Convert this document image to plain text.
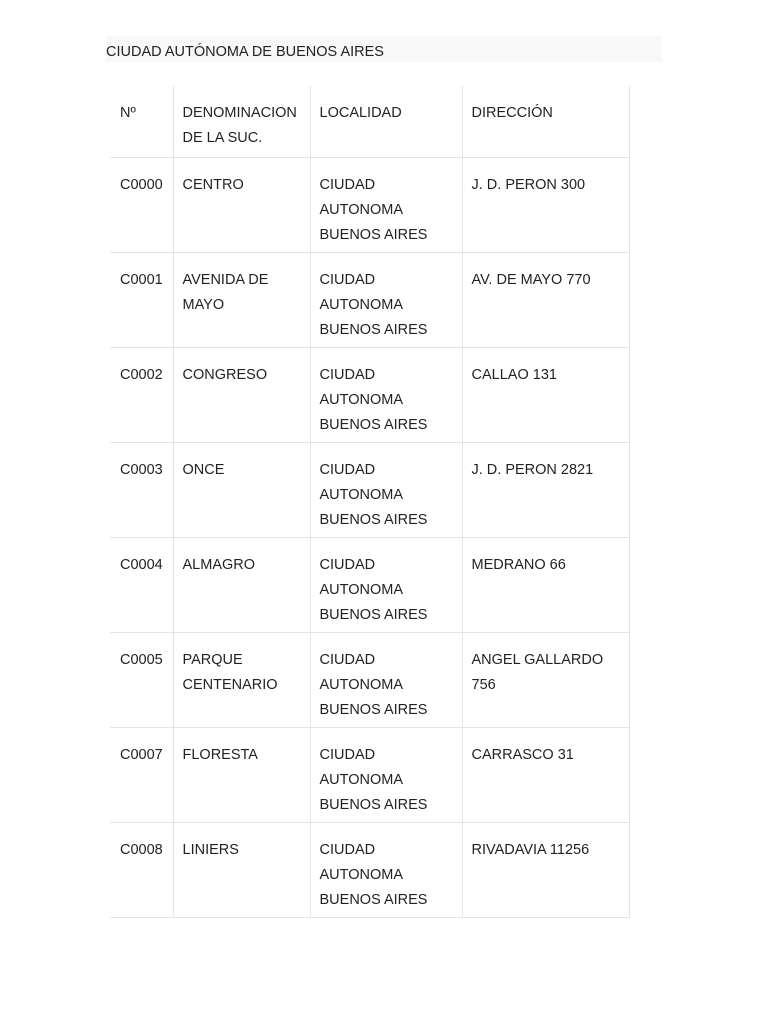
CIUDAD AUTÓNOMA DE BUENOS AIRES
Nº	DENOMINACION
DE LA SUC.	LOCALIDAD	DIRECCIÓN

C0000	CENTRO	CIUDAD
AUTONOMA
BUENOS AIRES	J. D. PERON 300

C0001	AVENIDA DE
MAYO	CIUDAD
AUTONOMA
BUENOS AIRES	AV. DE MAYO 770

C0002	CONGRESO	CIUDAD
AUTONOMA
BUENOS AIRES	CALLAO 131

C0003	ONCE	CIUDAD
AUTONOMA
BUENOS AIRES	J. D. PERON 2821

C0004	ALMAGRO	CIUDAD
AUTONOMA
BUENOS AIRES	MEDRANO 66

C0005	PARQUE
CENTENARIO	CIUDAD
AUTONOMA
BUENOS AIRES	ANGEL GALLARDO
756

C0007	FLORESTA	CIUDAD
AUTONOMA
BUENOS AIRES	CARRASCO 31

C0008	LINIERS	CIUDAD
AUTONOMA
BUENOS AIRES	RIVADAVIA 11256
